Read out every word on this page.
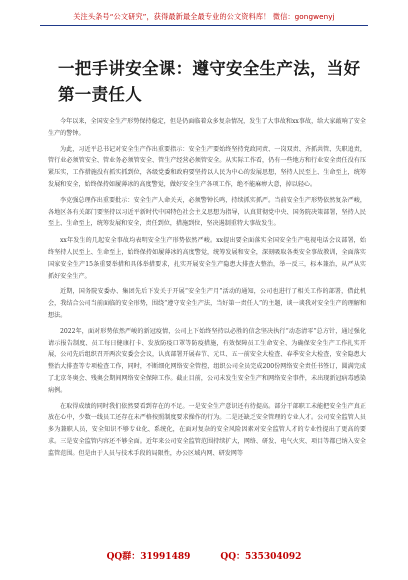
关注头条号“公文研究”，获得最新最全最专业的公文资料库！ 微信：gongwenyj
一把手讲安全课：遵守安全生产法，当好第一责任人

今年以来，全国安全生产形势保持稳定，但是仍面临着众多复杂情况，发生了大事故和xx事故，给大家敲响了安全生产的警钟。

为此，习近平总书记对安全生产作出重要指示：安全生产要始终坚持党政同责、一岗双责、齐抓共管、失职追责，管行业必须管安全、管业务必须管安全、管生产经营必须管安全。从实际工作看，仍有一些地方和行业安全责任没有压紧压实，工作措施没有抓实抓到位，各级党委和政府要坚持以人民为中心的发展思想，坚持人民至上、生命至上，统筹发展和安全，始终保持如履薄冰的高度警觉，做好安全生产各项工作，绝不能麻痹大意，掉以轻心。

李克强总理作出重要批示：安全生产人命关天，必须警钟长鸣，持续抓实抓严。当前安全生产形势依然复杂严峻，各地区各有关部门要坚持以习近平新时代中国特色社会主义思想为指导，认真贯彻党中央、国务院决策部署，坚持人民至上、生命至上，统筹发展和安全，责任到位，措施到位，坚决遏制重特大事故发生。

xx年发生的几起安全事故均表明安全生产形势依然严峻。xx提出要全面落实全国安全生产电视电话会议部署，始终坚持人民至上、生命至上，始终保持如履薄冰的高度警觉，统筹发展和安全，深刻吸取各类安全事故教训，全面落实国家安全生产15条重要举措和具体举措要求，扎实开展安全生产隐患大排查大整治，举一反三，标本兼治，从严从实抓好安全生产。

近期，国务院安委办、集团先后下发关于开展“安全生产月”活动的通知，公司也进行了相关工作的部署，借此机会，我结合公司当前面临的安全形势，围绕“遵守安全生产法，当好第一责任人”的主题，谈一谈我对安全生产的理解和想法。

2022年，面对形势依然严峻的新冠疫情，公司上下始终坚持以必胜的信念坚决执行“动态清零”总方针，通过强化请示报告制度、员工每日健康打卡、发放防疫口罩等防疫措施，有效保障员工生命安全、为确保安全生产工作扎实开展，公司先后组织召开两次安委会会议，认真部署开展春节、元旦、五一前安全大检查、春季安全大检查，安全隐患大整治大排查等专项检查工作，同时，不断细化网络安全管控，组织公司全员完成200份网络安全责任书签订，圆满完成了北京冬奥会、残奥会期间网络安全保障工作。截止目前，公司未发生安全生产和网络安全事件，未出现新冠病毒感染病例。

在取得成绩的同时我们依然要看到存在的不足。一是安全生产意识还有待提高。部分干部职工未能把安全生产真正放在心中，少数一线员工还存在未严格按照制度要求操作的行为。二是还缺乏安全管理的专业人才。公司安全监管人员多为兼职人员，安全知识不够专业化、系统化，在面对复杂的安全风险因素对安全监管人才的专业性提出了更高的要求。三是安全监管内容还不够全面。近年来公司安全监管范围持续扩大，网络、研发、电气火灾、项目等都已纳入安全监管范围。但是由于人员与技术手段的局限性，办公区域内网、研发网等

QQ群：31991489	QQ：535304092
